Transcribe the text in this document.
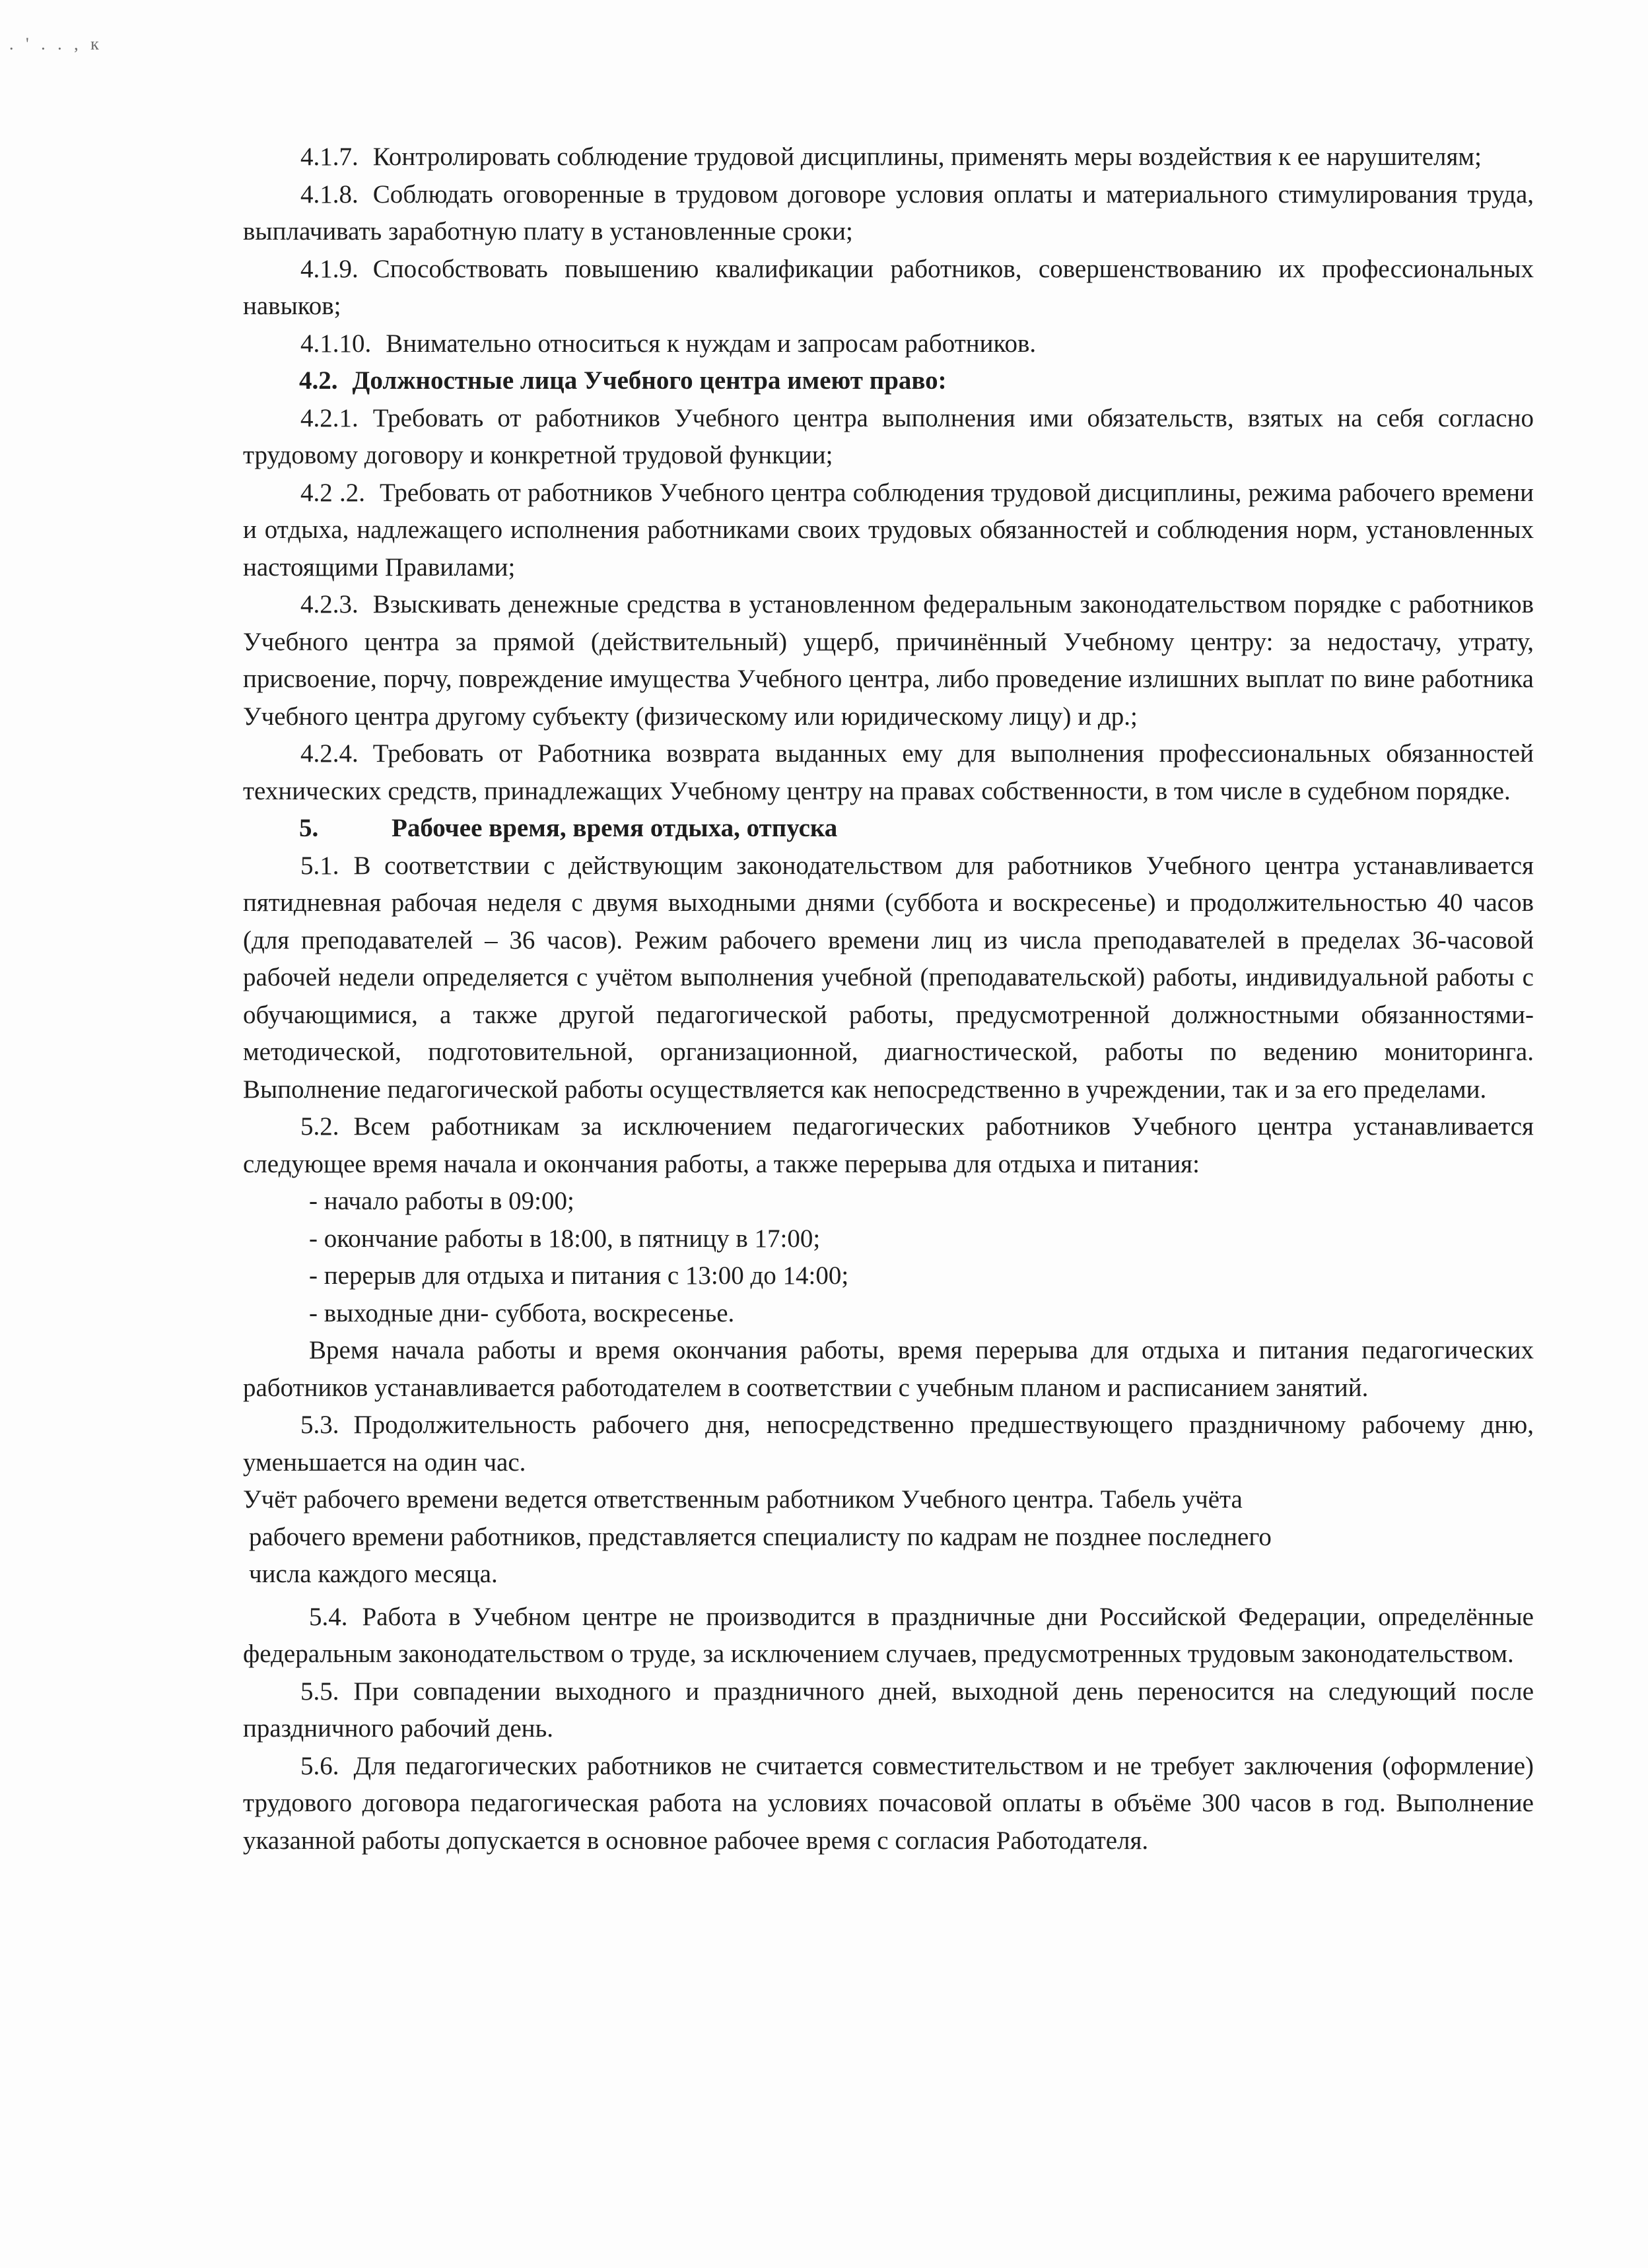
. ' . . , к

4.1.7. Контролировать соблюдение трудовой дисциплины, применять меры воздействия к ее нарушителям;

4.1.8. Соблюдать оговоренные в трудовом договоре условия оплаты и материального стимулирования труда, выплачивать заработную плату в установленные сроки;

4.1.9. Способствовать повышению квалификации работников, совершенствованию их профессиональных навыков;

4.1.10. Внимательно относиться к нуждам и запросам работников.

4.2. Должностные лица Учебного центра имеют право:

4.2.1. Требовать от работников Учебного центра выполнения ими обязательств, взятых на себя согласно трудовому договору и конкретной трудовой функции;

4.2 .2. Требовать от работников Учебного центра соблюдения трудовой дисциплины, режима рабочего времени и отдыха, надлежащего исполнения работниками своих трудовых обязанностей и соблюдения норм, установленных настоящими Правилами;

4.2.3. Взыскивать денежные средства в установленном федеральным законодательством порядке с работников Учебного центра за прямой (действительный) ущерб, причинённый Учебному центру: за недостачу, утрату, присвоение, порчу, повреждение имущества Учебного центра, либо проведение излишних выплат по вине работника Учебного центра другому субъекту (физическому или юридическому лицу) и др.;

4.2.4. Требовать от Работника возврата выданных ему для выполнения профессиональных обязанностей технических средств, принадлежащих Учебному центру на правах собственности, в том числе в судебном порядке.

5.	Рабочее время, время отдыха, отпуска

5.1. В соответствии с действующим законодательством для работников Учебного центра устанавливается пятидневная рабочая неделя с двумя выходными днями (суббота и воскресенье) и продолжительностью 40 часов (для преподавателей – 36 часов). Режим рабочего времени лиц из числа преподавателей в пределах 36-часовой рабочей недели определяется с учётом выполнения учебной (преподавательской) работы, индивидуальной работы с обучающимися, а также другой педагогической работы, предусмотренной должностными обязанностями- методической, подготовительной, организационной, диагностической, работы по ведению мониторинга. Выполнение педагогической работы осуществляется как непосредственно в учреждении, так и за его пределами.

5.2. Всем работникам за исключением педагогических работников Учебного центра устанавливается следующее время начала и окончания работы, а также перерыва для отдыха и питания:

- начало работы в 09:00;

- окончание работы в 18:00, в пятницу в 17:00;

- перерыв для отдыха и питания с 13:00 до 14:00;

- выходные дни- суббота, воскресенье.

Время начала работы и время окончания работы, время перерыва для отдыха и питания педагогических работников устанавливается работодателем в соответствии с учебным планом и расписанием занятий.

5.3. Продолжительность рабочего дня, непосредственно предшествующего праздничному рабочему дню, уменьшается на один час.

Учёт рабочего времени ведется ответственным работником Учебного центра. Табель учёта

рабочего времени работников, представляется специалисту по кадрам не позднее последнего

числа каждого месяца.

5.4. Работа в Учебном центре не производится в праздничные дни Российской Федерации, определённые федеральным законодательством о труде, за исключением случаев, предусмотренных трудовым законодательством.

5.5. При совпадении выходного и праздничного дней, выходной день переносится на следующий после праздничного рабочий день.

5.6. Для педагогических работников не считается совместительством и не требует заключения (оформление) трудового договора педагогическая работа на условиях почасовой оплаты в объёме 300 часов в год. Выполнение указанной работы допускается в основное рабочее время с согласия Работодателя.
